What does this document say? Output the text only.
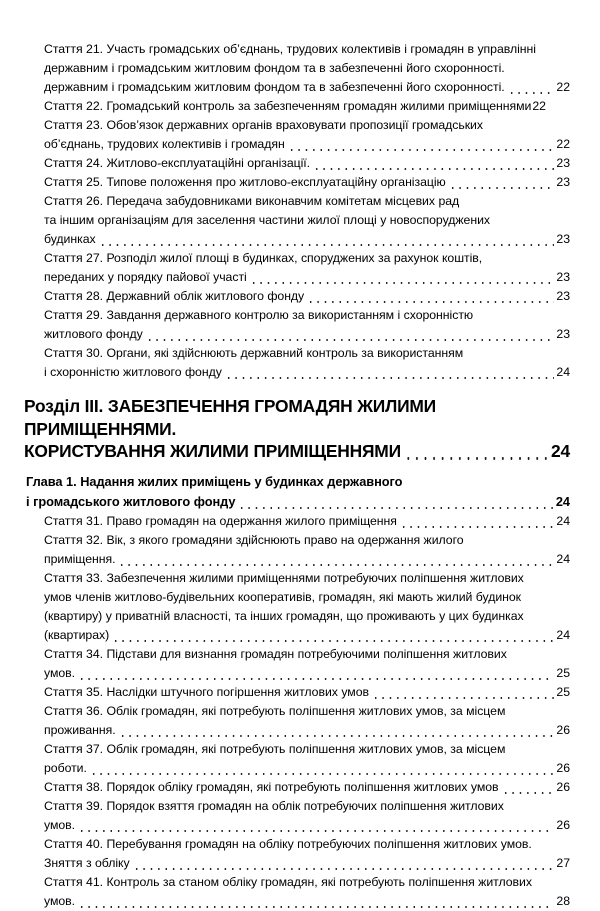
Стаття 21. Участь громадських об’єднань, трудових колективів і громадян в управлінні
державним і громадським житловим фондом та в забезпеченні його схоронності.
державним і громадським житловим фондом та в забезпеченні його схоронності.	22
Стаття 22. Громадський контроль за забезпеченням громадян жилими приміщеннями 22
Стаття 23. Обов’язок державних органів враховувати пропозиції громадських
об’єднань, трудових колективів і громадян	22
Стаття 24. Житлово-експлуатаційні організації.	23
Стаття 25. Типове положення про житлово-експлуатаційну організацію	23
Стаття 26. Передача забудовниками виконавчим комітетам місцевих рад
та іншим організаціям для заселення частини жилої площі у новоспоруджених
будинках	23
Стаття 27. Розподіл жилої площі в будинках, споруджених за рахунок коштів,
переданих у порядку пайової участі	23
Стаття 28. Державний облік житлового фонду	23
Стаття 29. Завдання державного контролю за використанням і схоронністю
житлового фонду	23
Стаття 30. Органи, які здійснюють державний контроль за використанням
і схоронністю житлового фонду	24
Розділ III. ЗАБЕЗПЕЧЕННЯ ГРОМАДЯН ЖИЛИМИ ПРИМІЩЕННЯМИ.
КОРИСТУВАННЯ ЖИЛИМИ ПРИМІЩЕННЯМИ	24
Глава 1. Надання жилих приміщень у будинках державного
і громадського житлового фонду	24
Стаття 31. Право громадян на одержання жилого приміщення	24
Стаття 32. Вік, з якого громадяни здійснюють право на одержання жилого
приміщення.	24
Стаття 33. Забезпечення жилими приміщеннями потребуючих поліпшення житлових
умов членів житлово-будівельних кооперативів, громадян, які мають жилий будинок
(квартиру) у приватній власності, та інших громадян, що проживають у цих будинках
(квартирах)	24
Стаття 34. Підстави для визнання громадян потребуючими поліпшення житлових
умов.	25
Стаття 35. Наслідки штучного погіршення житлових умов	25
Стаття 36. Облік громадян, які потребують поліпшення житлових умов, за місцем
проживання.	26
Стаття 37. Облік громадян, які потребують поліпшення житлових умов, за місцем
роботи.	26
Стаття 38. Порядок обліку громадян, які потребують поліпшення житлових умов	26
Стаття 39. Порядок взяття громадян на облік потребуючих поліпшення житлових
умов.	26
Стаття 40. Перебування громадян на обліку потребуючих поліпшення житлових умов.
Зняття з обліку	27
Стаття 41. Контроль за станом обліку громадян, які потребують поліпшення житлових
умов.	28
